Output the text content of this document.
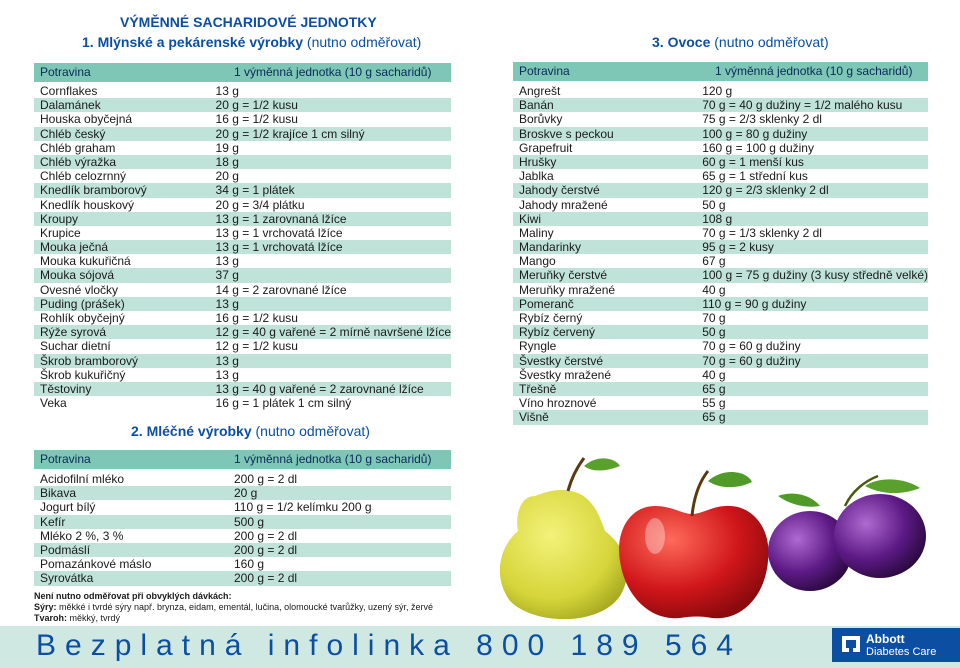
VÝMĚNNÉ SACHARIDOVÉ JEDNOTKY
1. Mlýnské a pekárenské výrobky (nutno odměřovat)	3. Ovoce (nutno odměřovat)
Potravina	1 výměnná jednotka (10 g sacharidů)
Cornflakes	13 g
Dalamánek	20 g = 1/2 kusu
Houska obyčejná	16 g = 1/2 kusu
Chléb český	20 g = 1/2 krajíce 1 cm silný
Chléb graham	19 g
Chléb výražka	18 g
Chléb celozrnný	20 g
Knedlík bramborový	34 g = 1 plátek
Knedlík houskový	20 g = 3/4 plátku
Kroupy	13 g = 1 zarovnaná lžíce
Krupice	13 g = 1 vrchovatá lžíce
Mouka ječná	13 g = 1 vrchovatá lžíce
Mouka kukuřičná	13 g
Mouka sójová	37 g
Ovesné vločky	14 g = 2 zarovnané lžíce
Puding (prášek)	13 g
Rohlík obyčejný	16 g = 1/2 kusu
Rýže syrová	12 g = 40 g vařené = 2 mírně navršené lžíce
Suchar dietní	12 g = 1/2 kusu
Škrob bramborový	13 g
Škrob kukuřičný	13 g
Těstoviny	13 g = 40 g vařené = 2 zarovnané lžíce
Veka	16 g = 1 plátek 1 cm silný
Potravina	1 výměnná jednotka (10 g sacharidů)
Angrešt	120 g
Banán	70 g = 40 g dužiny = 1/2 malého kusu
Borůvky	75 g = 2/3 sklenky 2 dl
Broskve s peckou	100 g = 80 g dužiny
Grapefruit	160 g = 100 g dužiny
Hrušky	60 g = 1 menší kus
Jablka	65 g = 1 střední kus
Jahody čerstvé	120 g = 2/3 sklenky 2 dl
Jahody mražené	50 g
Kiwi	108 g
Maliny	70 g = 1/3 sklenky 2 dl
Mandarinky	95 g = 2 kusy
Mango	67 g
Meruňky čerstvé	100 g = 75 g dužiny (3 kusy středně velké)
Meruňky mražené	40 g
Pomeranč	110 g = 90 g dužiny
Rybíz černý	70 g
Rybíz červený	50 g
Ryngle	70 g = 60 g dužiny
Švestky čerstvé	70 g = 60 g dužiny
Švestky mražené	40 g
Třešně	65 g
Víno hroznové	55 g
Višně	65 g
2. Mléčné výrobky (nutno odměřovat)
Potravina	1 výměnná jednotka (10 g sacharidů)
Acidofilní mléko	200 g = 2 dl
Bikava	20 g
Jogurt bílý	110 g = 1/2 kelímku 200 g
Kefír	500 g
Mléko 2 %, 3 %	200 g = 2 dl
Podmáslí	200 g = 2 dl
Pomazánkové máslo	160 g
Syrovátka	200 g = 2 dl
Není nutno odměřovat při obvyklých dávkách:
Sýry: měkké i tvrdé sýry např. brynza, eidam, ementál, lučina, olomoucké tvarůžky, uzený sýr, žervé
Tvaroh: měkký, tvrdý
Bezplatná infolinka 800 189 564	Abbott
Diabetes Care
